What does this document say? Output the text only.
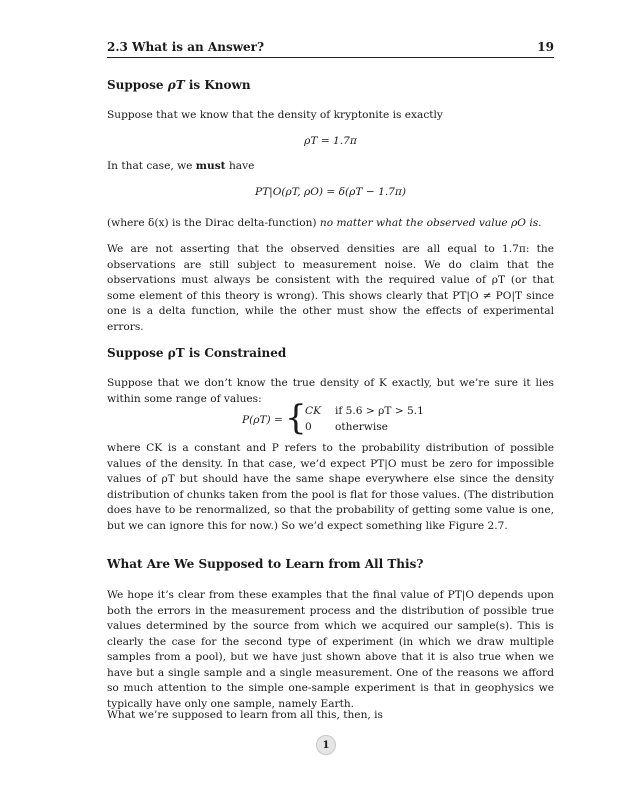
2.3 What is an Answer?	19
Suppose ρT is Known

Suppose that we know that the density of kryptonite is exactly

ρT = 1.7π

In that case, we must have

PT|O(ρT, ρO) = δ(ρT − 1.7π)

(where δ(x) is the Dirac delta-function) no matter what the observed value ρO is.

We are not asserting that the observed densities are all equal to 1.7π: the observations are still subject to measurement noise. We do claim that the observations must always be consistent with the required value of ρT (or that some element of this theory is wrong). This shows clearly that PT|O ≠ PO|T since one is a delta function, while the other must show the effects of experimental errors.

Suppose ρT is Constrained

Suppose that we don’t know the true density of K exactly, but we’re sure it lies within some range of values:

P(ρT) = {
CK if 5.6 > ρT > 5.1
0 otherwise

where CK is a constant and P refers to the probability distribution of possible values of the density. In that case, we’d expect PT|O must be zero for impossible values of ρT but should have the same shape everywhere else since the density distribution of chunks taken from the pool is flat for those values. (The distribution does have to be renormalized, so that the probability of getting some value is one, but we can ignore this for now.) So we’d expect something like Figure 2.7.

What Are We Supposed to Learn from All This?

We hope it’s clear from these examples that the final value of PT|O depends upon both the errors in the measurement process and the distribution of possible true values determined by the source from which we acquired our sample(s). This is clearly the case for the second type of experiment (in which we draw multiple samples from a pool), but we have just shown above that it is also true when we have but a single sample and a single measurement. One of the reasons we afford so much attention to the simple one-sample experiment is that in geophysics we typically have only one sample, namely Earth.

What we’re supposed to learn from all this, then, is

1
